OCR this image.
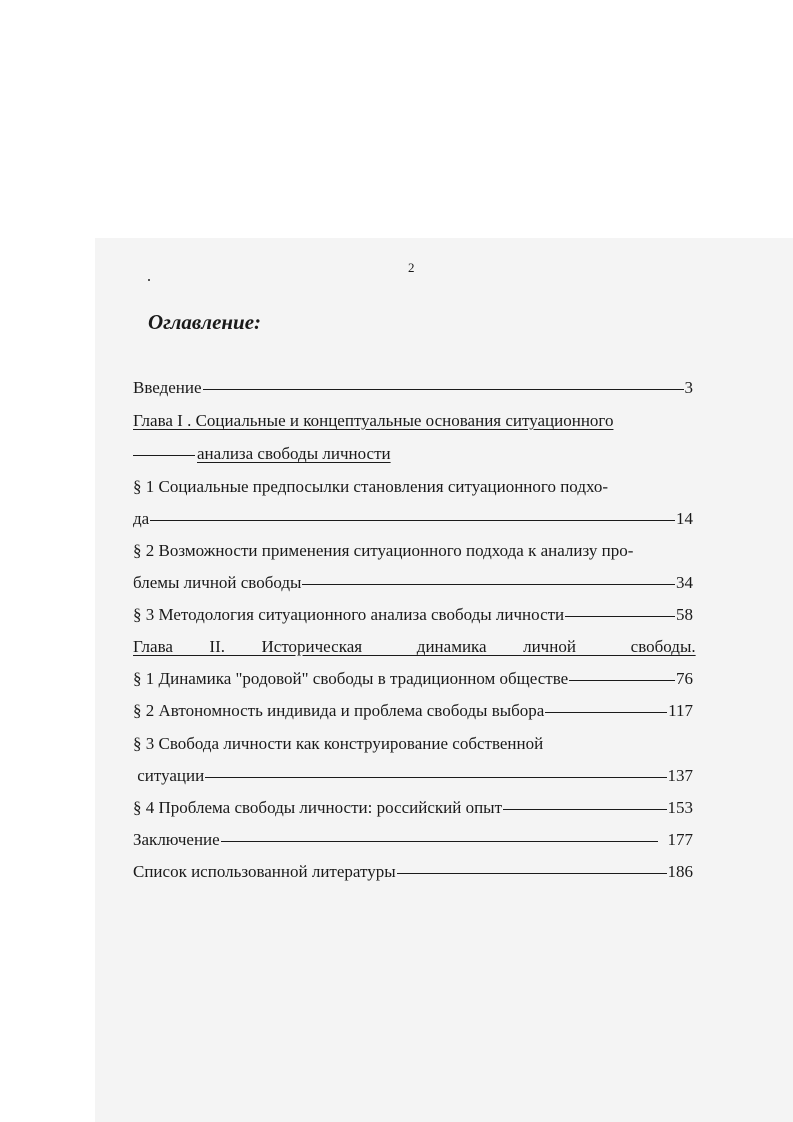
2
Оглавление:
Введение	3
Глава I . Социальные и концептуальные основания ситуационного
анализа свободы личности
§ 1 Социальные предпосылки становления ситуационного подхо-
да	14
§ 2 Возможности применения ситуационного подхода к анализу про-
блемы личной свободы	34
§ 3 Методология ситуационного анализа свободы личности	58
Глава  II.  Историческая   динамика  личной   свободы.
§ 1 Динамика "родовой" свободы в традиционном обществе	76
§ 2 Автономность индивида и проблема свободы выбора	117
§ 3 Свобода личности как конструирование собственной
ситуации	137
§ 4 Проблема свободы личности: российский опыт	153
Заключение	177
Список использованной литературы	186
